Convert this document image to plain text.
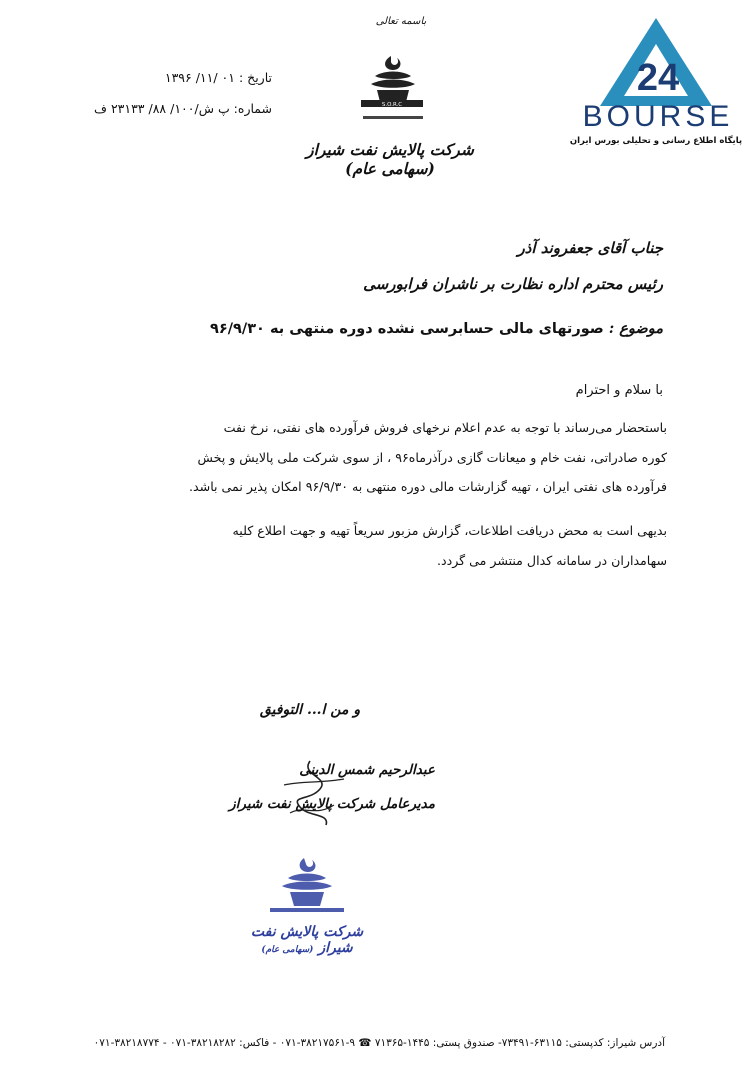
باسمه تعالی
S.O.R.C
شرکت پالایش نفت شیراز (سهامی عام)
تاریخ : ۰۱ /۱۱/ ۱۳۹۶
شماره: پ ش/۱۰۰/ ۸۸/ ۲۳۱۳۳ ف
24
BOURSE
پایگاه اطلاع رسانی و تحلیلی بورس ایران
جناب آقای جعفروند آذر
رئیس محترم اداره نظارت بر ناشران فرابورسی
موضوع : صورتهای مالی حسابرسی نشده دوره منتهی به ۹۶/۹/۳۰
با سلام و احترام
باستحضار می‌رساند با توجه به عدم اعلام نرخهای فروش فرآورده های نفتی، نرخ نفت
کوره صادراتی، نفت خام و میعانات گازی درآذرماه۹۶ ، از سوی شرکت ملی پالایش و پخش
فرآورده های نفتی ایران ، تهیه گزارشات مالی دوره منتهی به ۹۶/۹/۳۰ امکان پذیر نمی باشد.
بدیهی است به محض دریافت اطلاعات، گزارش مزبور سریعاً تهیه و جهت اطلاع کلیه
سهامداران در سامانه کدال منتشر می گردد.
و من ا... التوفیق
عبدالرحیم شمس الدینی
مدیرعامل شرکت پالایش نفت شیراز
شرکت پالایش نفت شیراز (سهامی عام)
آدرس شیراز: کدپستی: ۶۳۱۱۵-۷۳۴۹۱- صندوق پستی: ۱۴۴۵-۷۱۳۶۵ ☎ ۹-۳۸۲۱۷۵۶۱-۰۷۱ - فاکس: ۳۸۲۱۸۲۸۲-۰۷۱ - ۳۸۲۱۸۷۷۴-۰۷۱
